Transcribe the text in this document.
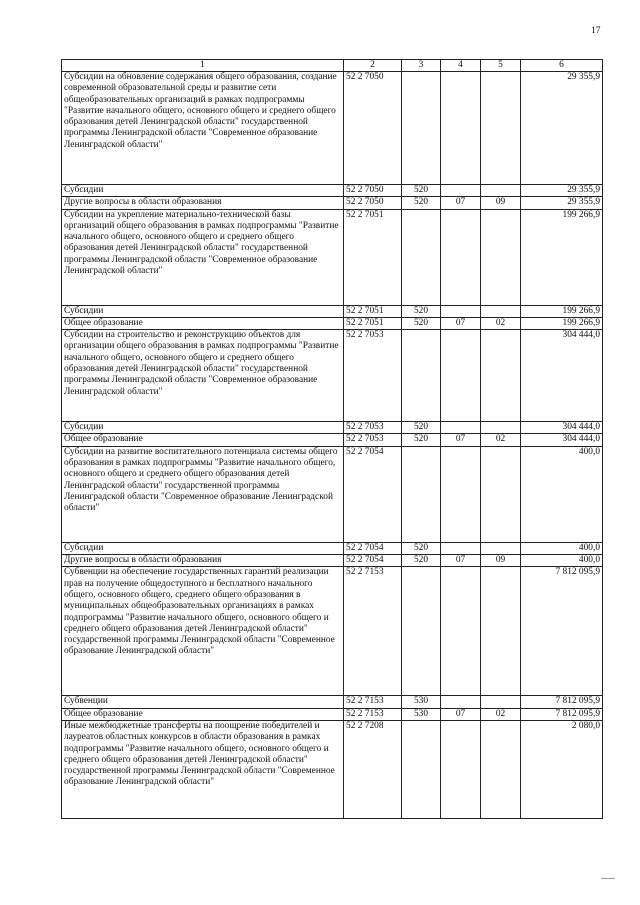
17
1	2	3	4	5	6
Субсидии на обновление содержания общего образования, создание современной образовательной среды и развитие сети общеобразовательных организаций в рамках подпрограммы "Развитие начального общего, основного общего и среднего общего образования детей Ленинградской области" государственной программы Ленинградской области "Современное образование Ленинградской области"	52 2 7050				29 355,9
Субсидии	52 2 7050	520			29 355,9
Другие вопросы в области образования	52 2 7050	520	07	09	29 355,9
Субсидии на укрепление материально-технической базы организаций общего образования в рамках подпрограммы "Развитие начального общего, основного общего и среднего общего образования детей Ленинградской области" государственной программы Ленинградской области "Современное образование Ленинградской области"	52 2 7051				199 266,9
Субсидии	52 2 7051	520			199 266,9
Общее образование	52 2 7051	520	07	02	199 266,9
Субсидии на строительство и реконструкцию объектов для организации общего образования в рамках подпрограммы "Развитие начального общего, основного общего и среднего общего образования детей Ленинградской области" государственной программы Ленинградской области "Современное образование Ленинградской области"	52 2 7053				304 444,0
Субсидии	52 2 7053	520			304 444,0
Общее образование	52 2 7053	520	07	02	304 444,0
Субсидии на развитие воспитательного потенциала системы общего образования в рамках подпрограммы "Развитие начального общего, основного общего и среднего общего образования детей Ленинградской области" государственной программы Ленинградской области "Современное образование Ленинградской области"	52 2 7054				400,0
Субсидии	52 2 7054	520			400,0
Другие вопросы в области образования	52 2 7054	520	07	09	400,0
Субвенции на обеспечение государственных гарантий реализации прав на получение общедоступного и бесплатного начального общего, основного общего, среднего общего образования в муниципальных общеобразовательных организациях в рамках подпрограммы "Развитие начального общего, основного общего и среднего общего образования детей Ленинградской области" государственной программы Ленинградской области "Современное образование Ленинградской области"	52 2 7153				7 812 095,9
Субвенции	52 2 7153	530			7 812 095,9
Общее образование	52 2 7153	530	07	02	7 812 095,9
Иные межбюджетные трансферты на поощрение победителей и лауреатов областных конкурсов в области образования в рамках подпрограммы "Развитие начального общего, основного общего и среднего общего образования детей Ленинградской области" государственной программы Ленинградской области "Современное образование Ленинградской области"	52 2 7208				2 080,0
